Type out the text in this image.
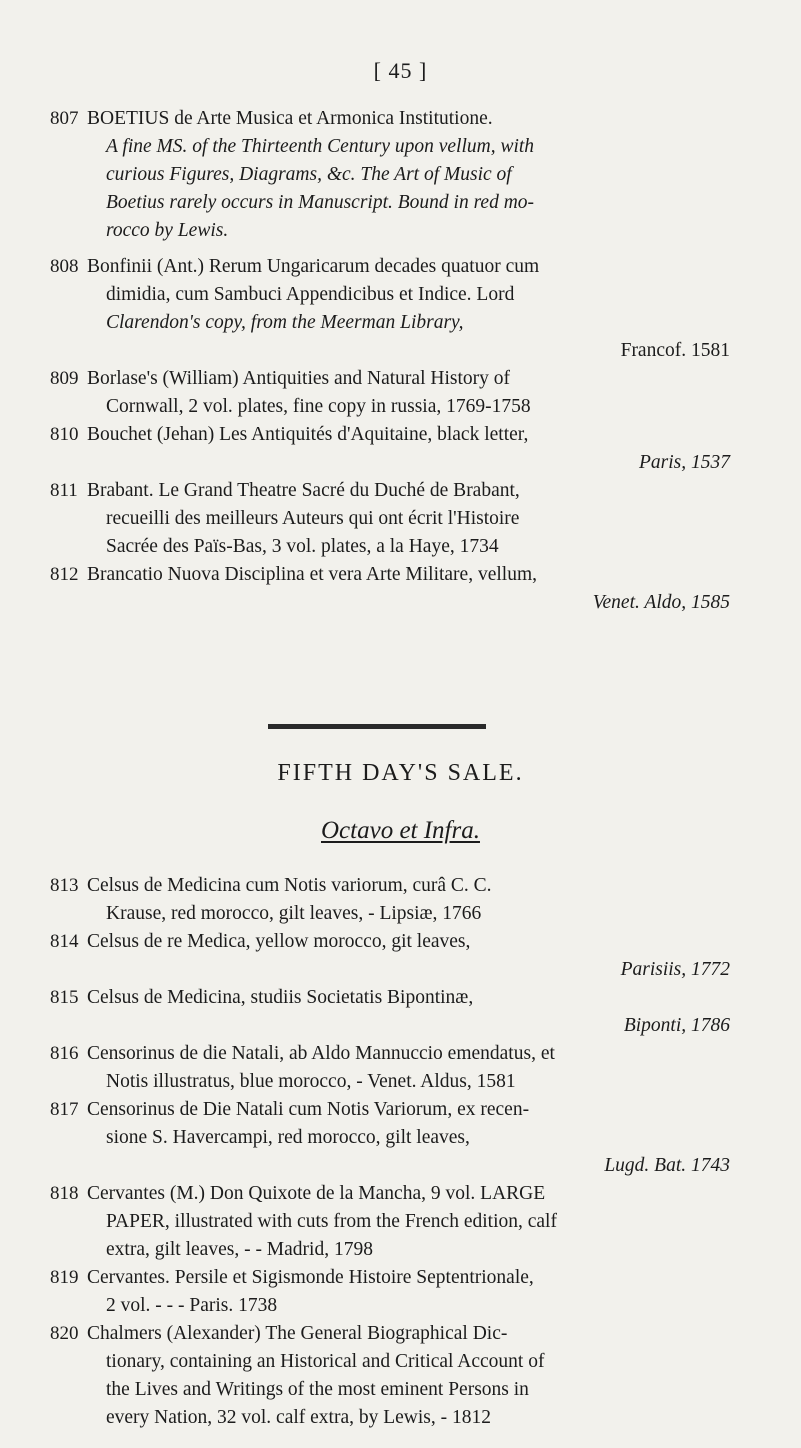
[ 45 ]
807 BOETIUS de Arte Musica et Armonica Institutione.
A fine MS. of the Thirteenth Century upon vellum, with
curious Figures, Diagrams, &c. The Art of Music of
Boetius rarely occurs in Manuscript. Bound in red mo-
rocco by Lewis.
808 Bonfinii (Ant.) Rerum Ungaricarum decades quatuor cum
dimidia, cum Sambuci Appendicibus et Indice. Lord
Clarendon's copy, from the Meerman Library,
Francof. 1581
809 Borlase's (William) Antiquities and Natural History of
Cornwall, 2 vol. plates, fine copy in russia, 1769-1758
810 Bouchet (Jehan) Les Antiquités d'Aquitaine, black letter,
Paris, 1537
811 Brabant. Le Grand Theatre Sacré du Duché de Brabant,
recueilli des meilleurs Auteurs qui ont écrit l'Histoire
Sacrée des Païs-Bas, 3 vol. plates, a la Haye, 1734
812 Brancatio Nuova Disciplina et vera Arte Militare, vellum,
Venet. Aldo, 1585
FIFTH DAY'S SALE.
Octavo et Infra.
813 Celsus de Medicina cum Notis variorum, curâ C. C.
Krause, red morocco, gilt leaves, - Lipsiæ, 1766
814 Celsus de re Medica, yellow morocco, git leaves,
Parisiis, 1772
815 Celsus de Medicina, studiis Societatis Bipontinæ,
Biponti, 1786
816 Censorinus de die Natali, ab Aldo Mannuccio emendatus, et
Notis illustratus, blue morocco, - Venet. Aldus, 1581
817 Censorinus de Die Natali cum Notis Variorum, ex recen-
sione S. Havercampi, red morocco, gilt leaves,
Lugd. Bat. 1743
818 Cervantes (M.) Don Quixote de la Mancha, 9 vol. LARGE
PAPER, illustrated with cuts from the French edition, calf
extra, gilt leaves, - - Madrid, 1798
819 Cervantes. Persile et Sigismonde Histoire Septentrionale,
2 vol. - - - Paris. 1738
820 Chalmers (Alexander) The General Biographical Dic-
tionary, containing an Historical and Critical Account of
the Lives and Writings of the most eminent Persons in
every Nation, 32 vol. calf extra, by Lewis, - 1812
